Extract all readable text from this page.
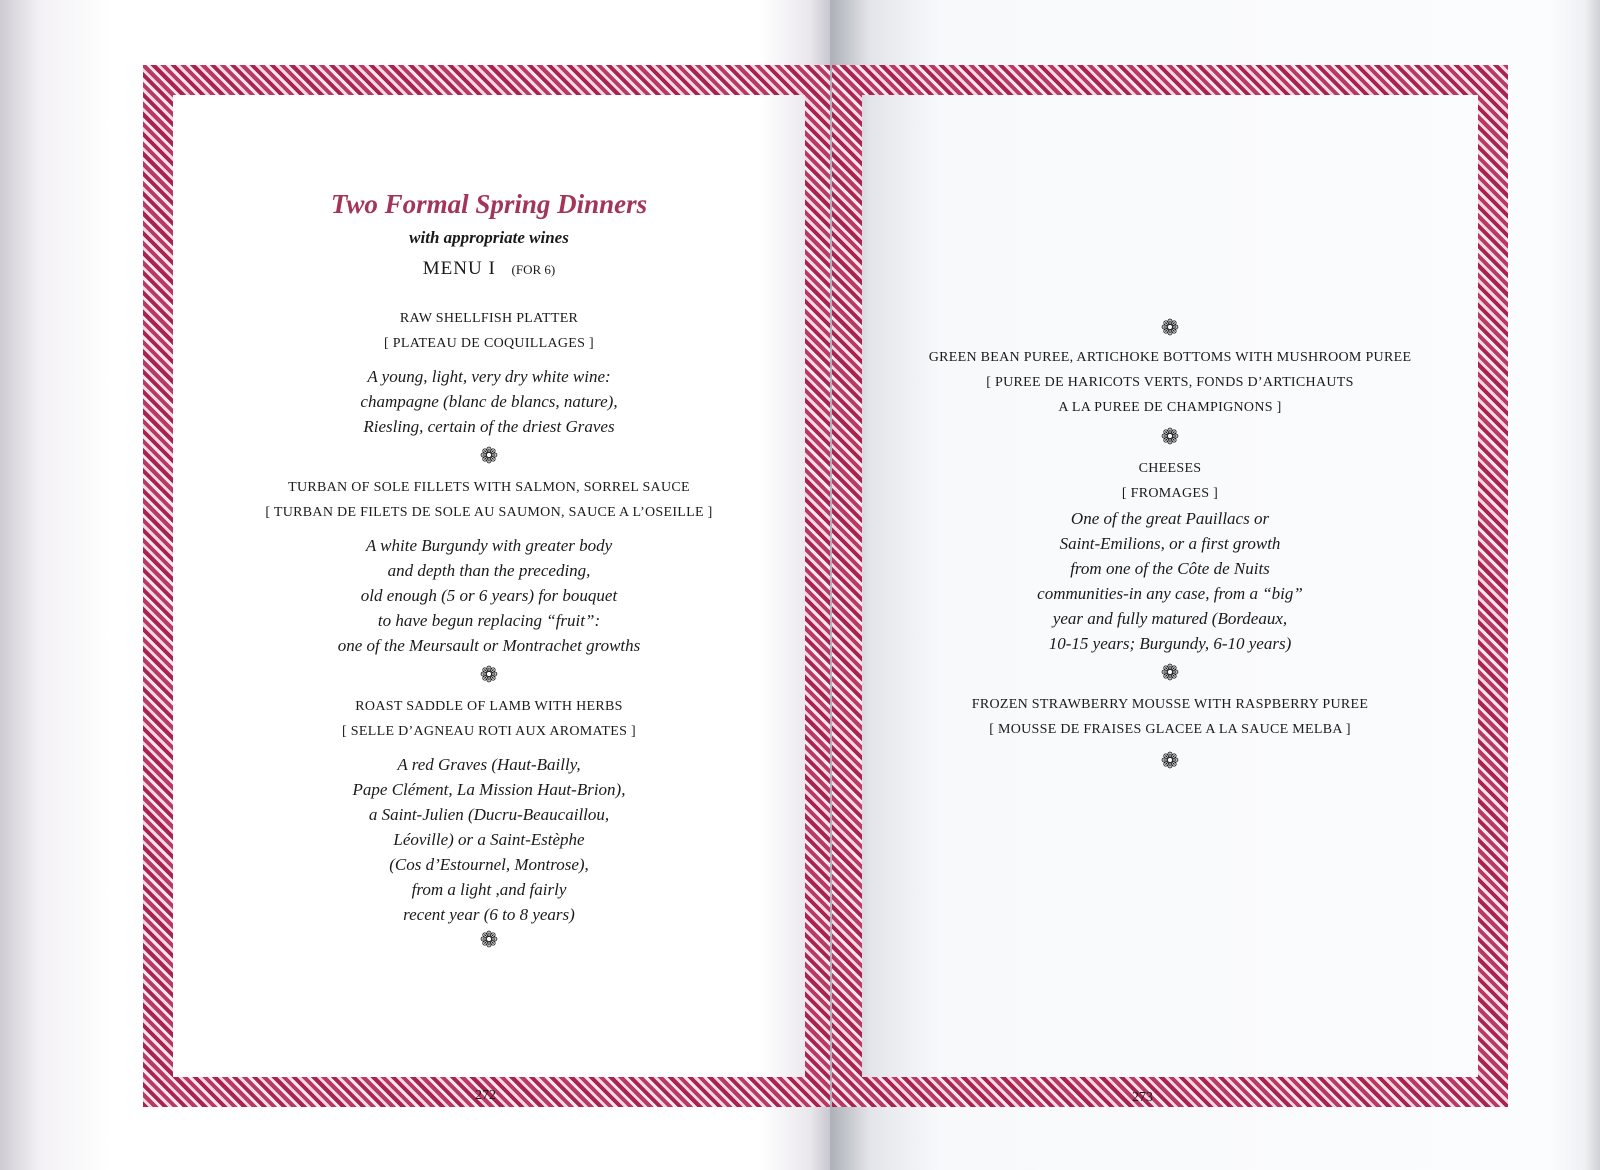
Two Formal Spring Dinners

with appropriate wines

MENU I (FOR 6)

RAW SHELLFISH PLATTER

[ PLATEAU DE COQUILLAGES ]

A young, light, very dry white wine:

champagne (blanc de blancs, nature),

Riesling, certain of the driest Graves

❁

TURBAN OF SOLE FILLETS WITH SALMON, SORREL SAUCE

[ TURBAN DE FILETS DE SOLE AU SAUMON, SAUCE A L’OSEILLE ]

A white Burgundy with greater body

and depth than the preceding,

old enough (5 or 6 years) for bouquet

to have begun replacing “fruit”:

one of the Meursault or Montrachet growths

❁

ROAST SADDLE OF LAMB WITH HERBS

[ SELLE D’AGNEAU ROTI AUX AROMATES ]

A red Graves (Haut-Bailly,

Pape Clément, La Mission Haut-Brion),

a Saint-Julien (Ducru-Beaucaillou,

Léoville) or a Saint-Estèphe

(Cos d’Estournel, Montrose),

from a light ,and fairly

recent year (6 to 8 years)

❁

272

❁

GREEN BEAN PUREE, ARTICHOKE BOTTOMS WITH MUSHROOM PUREE

[ PUREE DE HARICOTS VERTS, FONDS D’ARTICHAUTS

A LA PUREE DE CHAMPIGNONS ]

❁

CHEESES

[ FROMAGES ]

One of the great Pauillacs or

Saint-Emilions, or a first growth

from one of the Côte de Nuits

communities-in any case, from a “big”

year and fully matured (Bordeaux,

10-15 years; Burgundy, 6-10 years)

❁

FROZEN STRAWBERRY MOUSSE WITH RASPBERRY PUREE

[ MOUSSE DE FRAISES GLACEE A LA SAUCE MELBA ]

❁

273
